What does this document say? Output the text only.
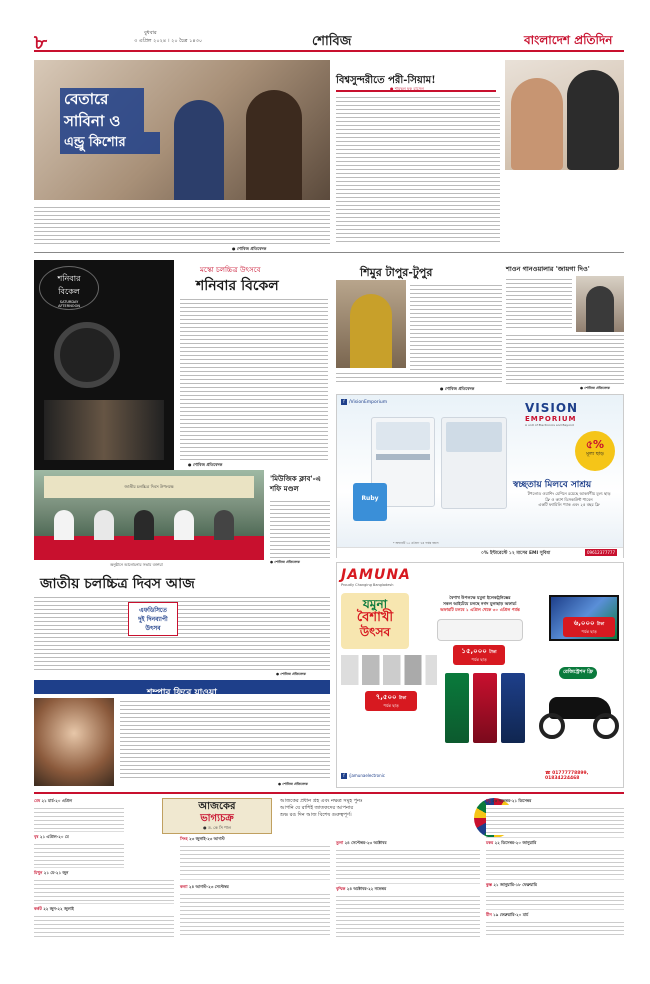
৮	বুধবার
৩ এপ্রিল ২০২৪ । ২০ চৈত্র ১৪৩০	শোবিজ	বাংলাদেশ প্রতিদিন
বেতারে
সাবিনা ও
এন্ড্রু কিশোর
● শোবিজ প্রতিবেদক
বিশ্বসুন্দরীতে পরী-সিয়াম!
● শামছুল হক রাসেল
শনিবার
বিকেল
SATURDAY
AFTERNOON
মস্কো চলচ্চিত্র উৎসবে
শনিবার বিকেল
● শোবিজ প্রতিবেদক
শিমুর টাপুর-টুপুর
● শোবিজ প্রতিবেদক
শাওন গানওয়ালার 'জায়গা দিও'
● শোবিজ প্রতিবেদক
f /VisionEmporium	VISION
EMPORIUM
A unit of Electronics and Beyond
৫%
মূল্য ছাড়
স্বচ্ছতায় মিলবে সাশ্রয়
টপলোড ওয়াশিং মেশিনে রয়েছে আকর্ষণীয় মূল্য ছাড়
ফ্রি ও ক্যাশ ডিসকাউন্ট পাবেন
একটি ফ্যামিলি প্যাক এবং ২৫ বছর ফ্রি
Ruby
* অফারটি ১৫ এপ্রিল '২৪ পর্যন্ত বহাল
০% ইন্টারেস্টে ১২ মাসের EMI সুবিধা	09612377777
জাতীয় চলচ্চিত্র দিবস উপলক্ষে
অনুষ্ঠানে আলোচনার সভায় বক্তারা
'মিউজিক ক্লাব'-এ
শফি মণ্ডল
● শোবিজ প্রতিবেদক
জাতীয় চলচ্চিত্র দিবস আজ
এফডিসিতে
দুই দিনব্যাপী
উৎসব
● শোবিজ প্রতিবেদক
JAMUNA
Proudly Changing Bangladesh
যমুনা
বৈশাখী
উৎসব
বৈশাখ উপলক্ষে যমুনা ইলেকট্রনিক্সের
সকল আইটেমে চলছে নগদ মূল্যছাড় অফার!
অফারটি চলবে ১ এপ্রিল থেকে ৩০ এপ্রিল পর্যন্ত
১৫,০০০ টাকা
পর্যন্ত ছাড়
৬,০০০ টাকা
পর্যন্ত ছাড়
৭,৫০০ টাকা
পর্যন্ত ছাড়
রেজিস্ট্রেশন ফ্রি
f /jamunaelectronic	☎ 01777778899, 01834224468
শম্পার ফিরে যাওয়া
● শোবিজ প্রতিবেদক
আজকের
ভাগ্যচক্র
● ড. কে সি পাল
আজকের প্রধান গ্রহ এবং নক্ষত্র সমূহ পুনঃ
আপনি যে রাশিই জাতকদের আপনার
শুভ রঙ দিন আজ বিশেষ গুরুত্বপূর্ণ।
মেষ ২১ মার্চ-২০ এপ্রিল
বৃষ ২১ এপ্রিল-২০ মে
মিথুন ২১ মে-২১ জুন
কর্কট ২২ জুন-২২ জুলাই
সিংহ ২৩ জুলাই-২৩ আগস্ট
কন্যা ২৪ আগস্ট-২৩ সেপ্টেম্বর
তুলা ২৪ সেপ্টেম্বর-২৩ অক্টোবর
বৃশ্চিক ২৪ অক্টোবর-২২ নভেম্বর
ধনু ২৩ নভেম্বর-২১ ডিসেম্বর
মকর ২২ ডিসেম্বর-২০ জানুয়ারি
কুম্ভ ২১ জানুয়ারি-১৮ ফেব্রুয়ারি
মীন ১৯ ফেব্রুয়ারি-২০ মার্চ
